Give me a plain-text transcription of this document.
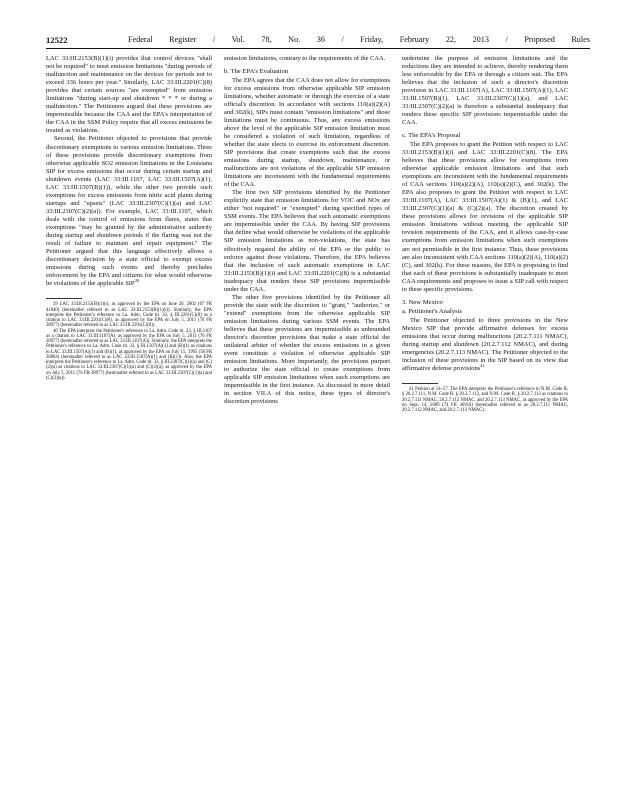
12522	Federal Register / Vol. 78, No. 36 / Friday, February 22, 2013 / Proposed Rules

LAC 33:III.2153(B)(1)(i) provides that control devices "shall not be required" to meet emission limitations "during periods of malfunction and maintenance on the devices for periods not to exceed 336 hours per year." Similarly, LAC 33:III.2201(C)(8) provides that certain sources "are exempted" from emission limitations "during start-up and shutdown * * * or during a malfunction." The Petitioners argued that these provisions are impermissible because the CAA and the EPA's interpretation of the CAA in the SSM Policy require that all excess emissions be treated as violations.

Second, the Petitioner objected to provisions that provide discretionary exemptions to various emission limitations. Three of these provisions provide discretionary exemptions from otherwise applicable SO2 emission limitations in the Louisiana SIP for excess emissions that occur during certain startup and shutdown events (LAC 33:III.1107, LAC 33:III.1507(A)(1), LAC 33:III.1507(B)(1)), while the other two provide such exemptions for excess emissions from nitric acid plants during startups and "upsets" (LAC 33:III.2307(C)(1)(a) and LAC 33:III.2307(C)(2)(a)). For example, LAC 33:III.1107, which deals with the control of emissions from flares, states that exemptions "may be granted by the administrative authority during startup and shutdown periods if the flaring was not the result of failure to maintain and repair equipment." The Petitioner argued that this language effectively allows a discretionary decision by a state official to exempt excess emissions during such events and thereby precludes enforcement by the EPA and citizens for what would otherwise be violations of the applicable SIP$^{39}$

39 LAC 33:III.2153(B)(1)(i), as approved by the EPA on June 20, 2002 (67 FR 41840) (hereinafter referred to as LAC 33:III.2153(B)(1)(i)). Similarly, the EPA interprets the Petitioner's reference to La. Adm. Code tit. 33, § III.2201(C)(8) as a citation to LAC 33:III.2201(C)(8), as approved by the EPA on July 5, 2011 (76 FR 38977) (hereinafter referred to as LAC 33:III.2201(C)(8)).

40 The EPA interprets the Petitioner's reference to La. Adm. Code tit. 33, § III.1107 as a citation to LAC 33:III.1107(A), as approved by the EPA on July 5, 2011 (76 FR 38977) (hereinafter referred to as LAC 33:III.1107(A)). Similarly, the EPA interprets the Petitioner's reference to La. Adm. Code tit. 33, § III.1507(A)(1) and (B)(1) as citations to LAC 33:III.1507(A)(1) and (B)(1), as approved by the EPA on July 15, 1995 (58 FR 36864) (hereinafter referred to as LAC 33:III.1507(A)(1) and (B)(1)). Also, the EPA interprets the Petitioner's reference to La. Adm. Code tit. 33, § III.2307(C)(1)(a) and (C)(2)(a) as citations to LAC 33:III.2307(C)(1)(a) and (C)(2)(a), as approved by the EPA on July 5, 2011 (76 FR 38977) (hereinafter referred to as LAC 33:III.2307(C)(1)(a) and (C)(2)(a)).

emission limitations, contrary to the requirements of the CAA.

b. The EPA's Evaluation

The EPA agrees that the CAA does not allow for exemptions for excess emissions from otherwise applicable SIP emission limitations, whether automatic or through the exercise of a state official's discretion. In accordance with sections 110(a)(2)(A) and 302(k), SIPs must contain "emission limitations" and those limitations must be continuous. Thus, any excess emissions above the level of the applicable SIP emission limitation must be considered a violation of such limitation, regardless of whether the state elects to exercise its enforcement discretion. SIP provisions that create exemptions such that the excess emissions during startup, shutdown, maintenance, or malfunctions are not violations of the applicable SIP emission limitations are inconsistent with the fundamental requirements of the CAA.

The first two SIP provisions identified by the Petitioner explicitly state that emission limitations for VOC and NOx are either "not required" or "exempted" during specified types of SSM events. The EPA believes that such automatic exemptions are impermissible under the CAA. By having SIP provisions that define what would otherwise be violations of the applicable SIP emission limitations as non-violations, the state has effectively negated the ability of the EPA or the public to enforce against those violations. Therefore, the EPA believes that the inclusion of such automatic exemptions in LAC 33:III.2153(B)(1)(i) and LAC 33:III.2201(C)(8) is a substantial inadequacy that renders these SIP provisions impermissible under the CAA.

The other five provisions identified by the Petitioner all provide the state with the discretion to "grant," "authorize," or "extend" exemptions from the otherwise applicable SIP emission limitations during various SSM events. The EPA believes that these provisions are impermissible as unbounded director's discretion provisions that make a state official the unilateral arbiter of whether the excess emissions in a given event constitute a violation of otherwise applicable SIP emission limitations. More importantly, the provisions purport to authorize the state official to create exemptions from applicable SIP emission limitations when such exemptions are impermissible in the first instance. As discussed in more detail in section VII.A of this notice, these types of director's discretion provisions

undermine the purpose of emission limitations and the reductions they are intended to achieve, thereby rendering them less enforceable by the EPA or through a citizen suit. The EPA believes that the inclusion of such a director's discretion provision in LAC 33:III.1107(A), LAC 33:III.1507(A)(1), LAC 33:III.1507(B)(1), LAC 33:III.2307(C)(1)(a), and LAC 33:III.2307(C)(2)(a) is therefore a substantial inadequacy that renders these specific SIP provisions impermissible under the CAA.

c. The EPA's Proposal

The EPA proposes to grant the Petition with respect to LAC 33:III.2153(B)(1)(i) and LAC 33:III.2201(C)(8). The EPA believes that these provisions allow for exemptions from otherwise applicable emission limitations and that such exemptions are inconsistent with the fundamental requirements of CAA sections 110(a)(2)(A), 110(a)(2)(C), and 302(k). The EPA also proposes to grant the Petition with respect to LAC 33:III.1107(A), LAC 33:III.1507(A)(1) & (B)(1), and LAC 33:III.2307(C)(1)(a) & (C)(2)(a). The discretion created by these provisions allows for revisions of the applicable SIP emission limitations without meeting the applicable SIP revision requirements of the CAA, and it allows case-by-case exemptions from emission limitations when such exemptions are not permissible in the first instance. Thus, these provisions are also inconsistent with CAA sections 110(a)(2)(A), 110(a)(2)(C), and 302(k). For these reasons, the EPA is proposing to find that each of these provisions is substantially inadequate to meet CAA requirements and proposes to issue a SIP call with respect to these specific provisions.

3. New Mexico
a. Petitioner's Analysis

The Petitioner objected to three provisions in the New Mexico SIP that provide affirmative defenses for excess emissions that occur during malfunctions (20.2.7.111 NMAC), during startup and shutdown (20.2.7.112 NMAC), and during emergencies (20.2.7.113 NMAC). The Petitioner objected to the inclusion of these provisions in the SIP based on its view that affirmative defense provisions$^{41}$

41 Petition at 54–57. The EPA interprets the Petitioner's reference to N.M. Code R. § 20.2.7.111, N.M. Code R. § 20.2.7.112, and N.M. Code R. § 20.2.7.113 as citations to 20.2.7.111 NMAC, 20.2.7.112 NMAC, and 20.2.7.113 NMAC, as approved by the EPA on Sept. 14, 2009 (74 FR 46910) (hereinafter referred to as 20.2.7.111 NMAC, 20.2.7.112 NMAC, and 20.2.7.113 NMAC).
